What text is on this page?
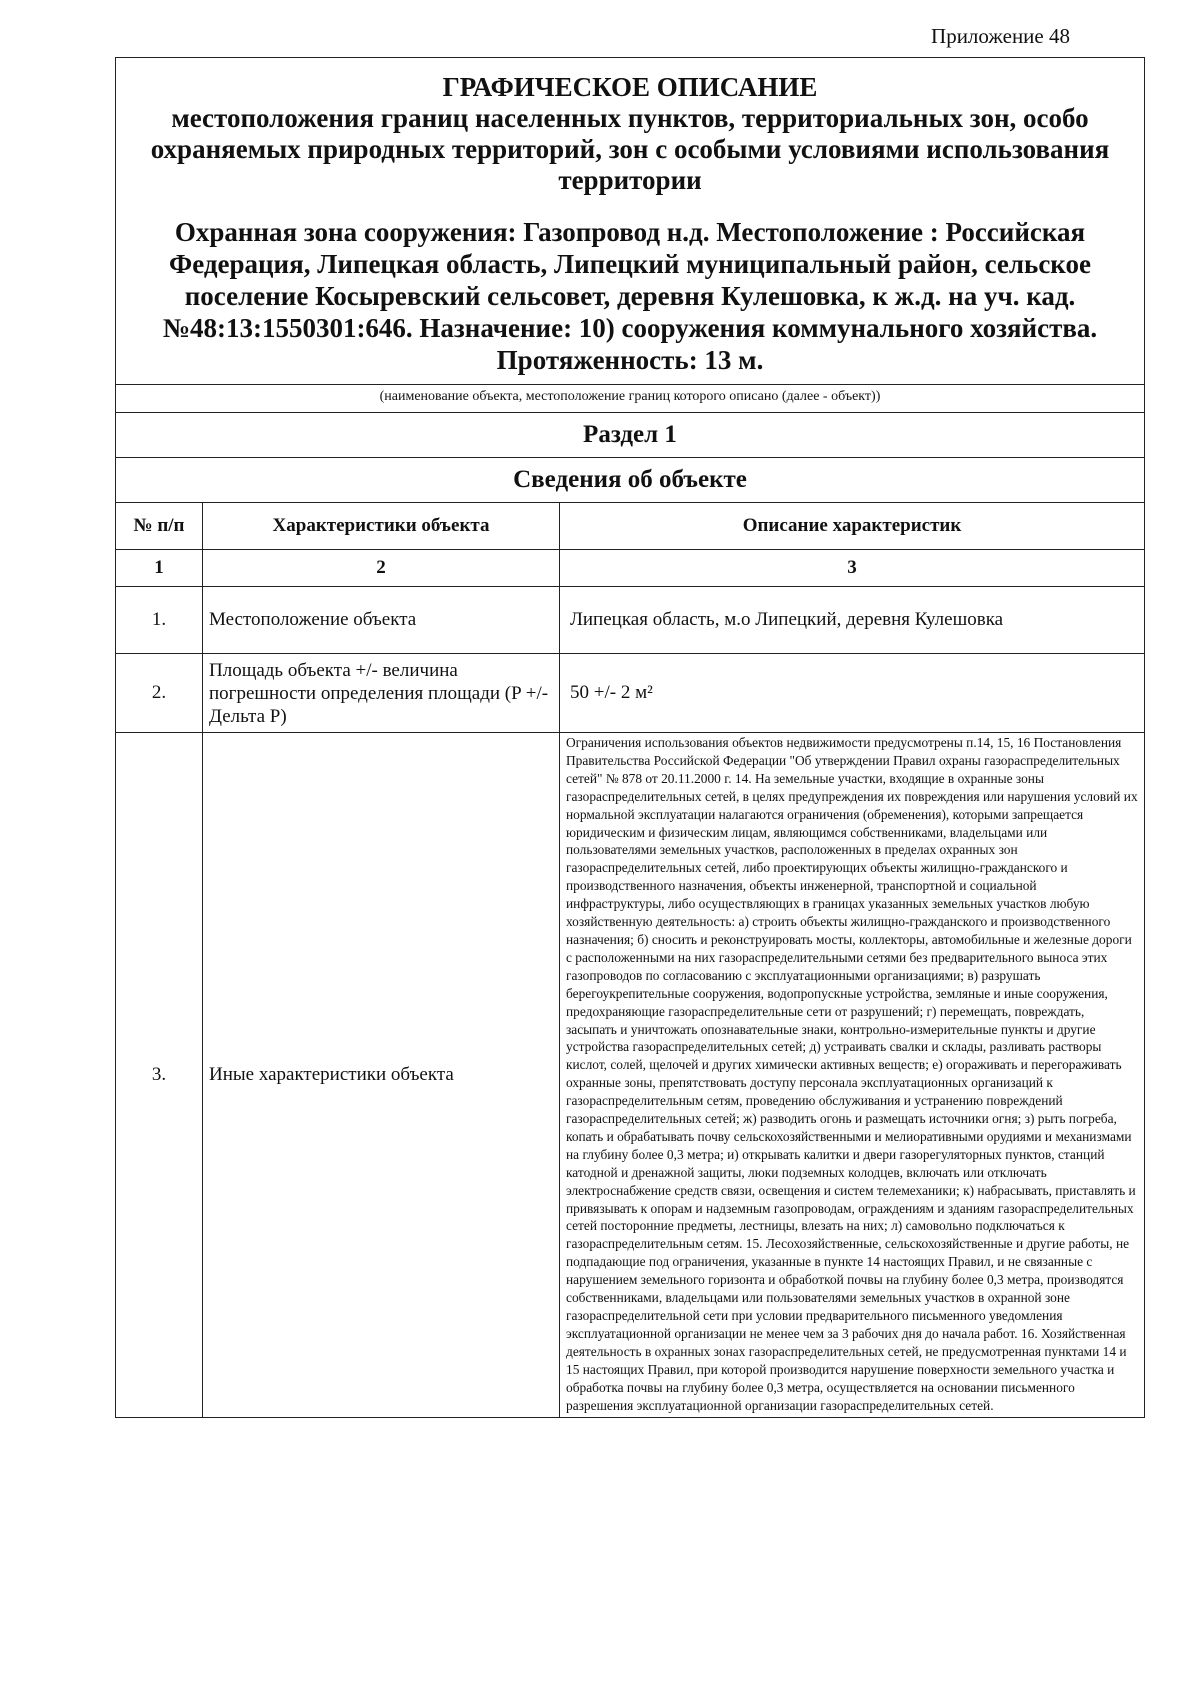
Приложение 48
ГРАФИЧЕСКОЕ ОПИСАНИЕ
местоположения границ населенных пунктов, территориальных зон, особо охраняемых природных территорий, зон с особыми условиями использования территории
Охранная зона сооружения: Газопровод н.д. Местоположение : Российская Федерация, Липецкая область, Липецкий муниципальный район, сельское поселение Косыревский сельсовет, деревня Кулешовка, к ж.д. на уч. кад. №48:13:1550301:646. Назначение: 10) сооружения коммунального хозяйства. Протяженность: 13 м.
(наименование объекта, местоположение границ которого описано (далее - объект))
Раздел 1
Сведения об объекте
№ п/п	Характеристики объекта	Описание характеристик
1	2	3
1.	Местоположение объекта	Липецкая область, м.о Липецкий, деревня Кулешовка
2.	Площадь объекта +/- величина погрешности определения площади (P +/- Дельта P)	50 +/- 2 м²
3.	Иные характеристики объекта	Ограничения использования объектов недвижимости предусмотрены п.14, 15, 16 Постановления Правительства Российской Федерации "Об утверждении Правил охраны газораспределительных сетей" № 878 от 20.11.2000 г. 14. На земельные участки, входящие в охранные зоны газораспределительных сетей, в целях предупреждения их повреждения или нарушения условий их нормальной эксплуатации налагаются ограничения (обременения), которыми запрещается юридическим и физическим лицам, являющимся собственниками, владельцами или пользователями земельных участков, расположенных в пределах охранных зон газораспределительных сетей, либо проектирующих объекты жилищно-гражданского и производственного назначения, объекты инженерной, транспортной и социальной инфраструктуры, либо осуществляющих в границах указанных земельных участков любую хозяйственную деятельность: а) строить объекты жилищно-гражданского и производственного назначения; б) сносить и реконструировать мосты, коллекторы, автомобильные и железные дороги с расположенными на них газораспределительными сетями без предварительного выноса этих газопроводов по согласованию с эксплуатационными организациями; в) разрушать берегоукрепительные сооружения, водопропускные устройства, земляные и иные сооружения, предохраняющие газораспределительные сети от разрушений; г) перемещать, повреждать, засыпать и уничтожать опознавательные знаки, контрольно-измерительные пункты и другие устройства газораспределительных сетей; д) устраивать свалки и склады, разливать растворы кислот, солей, щелочей и других химически активных веществ; е) огораживать и перегораживать охранные зоны, препятствовать доступу персонала эксплуатационных организаций к газораспределительным сетям, проведению обслуживания и устранению повреждений газораспределительных сетей; ж) разводить огонь и размещать источники огня; з) рыть погреба, копать и обрабатывать почву сельскохозяйственными и мелиоративными орудиями и механизмами на глубину более 0,3 метра; и) открывать калитки и двери газорегуляторных пунктов, станций катодной и дренажной защиты, люки подземных колодцев, включать или отключать электроснабжение средств связи, освещения и систем телемеханики; к) набрасывать, приставлять и привязывать к опорам и надземным газопроводам, ограждениям и зданиям газораспределительных сетей посторонние предметы, лестницы, влезать на них; л) самовольно подключаться к газораспределительным сетям. 15. Лесохозяйственные, сельскохозяйственные и другие работы, не подпадающие под ограничения, указанные в пункте 14 настоящих Правил, и не связанные с нарушением земельного горизонта и обработкой почвы на глубину более 0,3 метра, производятся собственниками, владельцами или пользователями земельных участков в охранной зоне газораспределительной сети при условии предварительного письменного уведомления эксплуатационной организации не менее чем за 3 рабочих дня до начала работ. 16. Хозяйственная деятельность в охранных зонах газораспределительных сетей, не предусмотренная пунктами 14 и 15 настоящих Правил, при которой производится нарушение поверхности земельного участка и обработка почвы на глубину более 0,3 метра, осуществляется на основании письменного разрешения эксплуатационной организации газораспределительных сетей.
